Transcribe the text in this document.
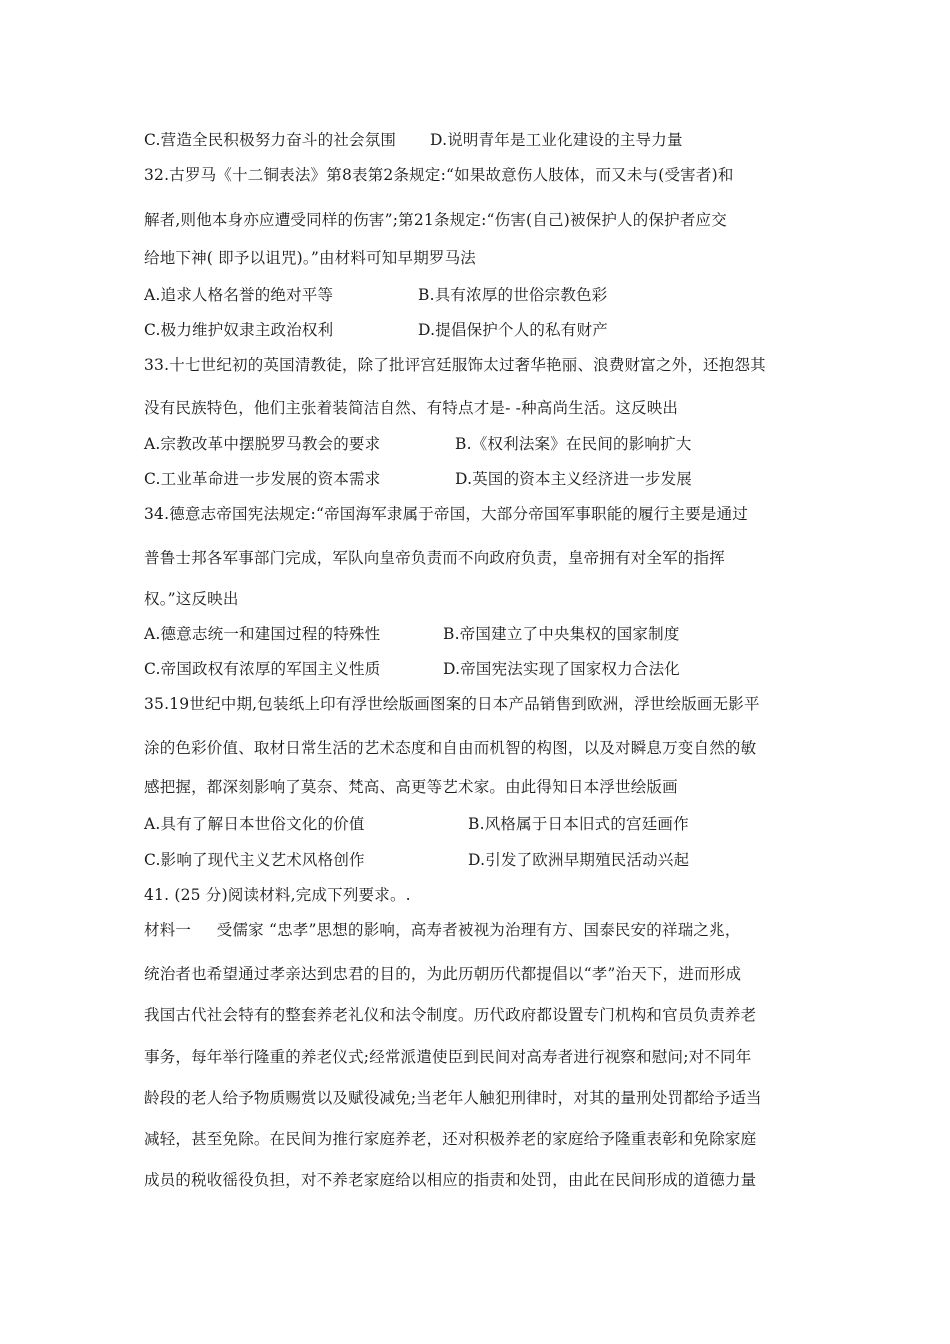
C.营造全民积极努力奋斗的社会氛围 D.说明青年是工业化建设的主导力量
32.古罗马《十二铜表法》第8表第2条规定:“如果故意伤人肢体，而又未与(受害者)和
解者,则他本身亦应遭受同样的伤害”;第21条规定:“伤害(自己)被保护人的保护者应交
给地下神( 即予以诅咒)。”由材料可知早期罗马法
A.追求人格名誉的绝对平等	B.具有浓厚的世俗宗教色彩
C.极力维护奴隶主政治权利	D.提倡保护个人的私有财产
33.十七世纪初的英国清教徒，除了批评宫廷服饰太过奢华艳丽、浪费财富之外，还抱怨其
没有民族特色，他们主张着装简洁自然、有特点才是- -种高尚生活。这反映出
A.宗教改革中摆脱罗马教会的要求	B.《权利法案》在民间的影响扩大
C.工业革命进一步发展的资本需求	D.英国的资本主义经济进一步发展
34.德意志帝国宪法规定:“帝国海军隶属于帝国，大部分帝国军事职能的履行主要是通过
普鲁士邦各军事部门完成，军队向皇帝负责而不向政府负责，皇帝拥有对全军的指挥
权。”这反映出
A.德意志统一和建国过程的特殊性	B.帝国建立了中央集权的国家制度
C.帝国政权有浓厚的军国主义性质	D.帝国宪法实现了国家权力合法化
35.19世纪中期,包装纸上印有浮世绘版画图案的日本产品销售到欧洲，浮世绘版画无影平
涂的色彩价值、取材日常生活的艺术态度和自由而机智的构图，以及对瞬息万变自然的敏
感把握，都深刻影响了莫奈、梵高、高更等艺术家。由此得知日本浮世绘版画
A.具有了解日本世俗文化的价值	B.风格属于日本旧式的宫廷画作
C.影响了现代主义艺术风格创作	D.引发了欧洲早期殖民活动兴起
41. (25 分)阅读材料,完成下列要求。.
材料一     受儒家 “忠孝”思想的影响，高寿者被视为治理有方、国泰民安的祥瑞之兆，
统治者也希望通过孝亲达到忠君的目的，为此历朝历代都提倡以“孝”治天下，进而形成
我国古代社会特有的整套养老礼仪和法令制度。历代政府都设置专门机构和官员负责养老
事务，每年举行隆重的养老仪式;经常派遣使臣到民间对高寿者进行视察和慰问;对不同年
龄段的老人给予物质赐赏以及赋役减免;当老年人触犯刑律时，对其的量刑处罚都给予适当
减轻，甚至免除。在民间为推行家庭养老，还对积极养老的家庭给予隆重表彰和免除家庭
成员的税收徭役负担，对不养老家庭给以相应的指责和处罚，由此在民间形成的道德力量
